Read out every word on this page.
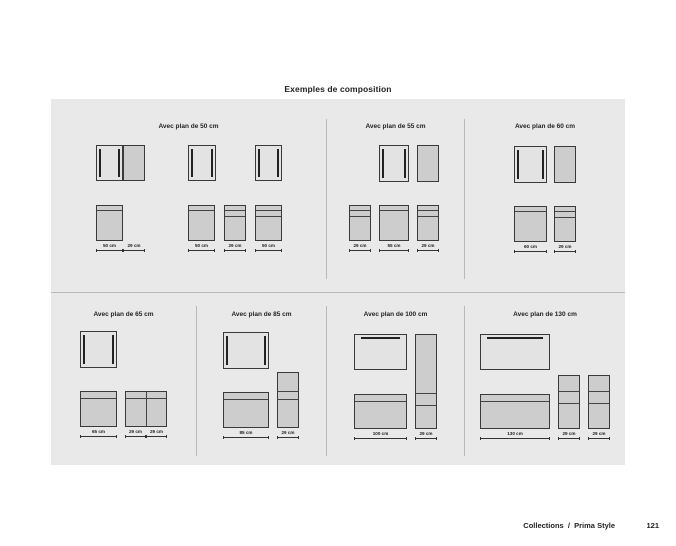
Exemples de composition
Avec plan de 50 cm
50 cm	29 cm	50 cm	29 cm	50 cm
Avec plan de 55 cm
29 cm	55 cm	29 cm
Avec plan de 60 cm
60 cm	29 cm
Avec plan de 65 cm
65 cm	29 cm	29 cm
Avec plan de 85 cm
85 cm	29 cm
Avec plan de 100 cm
100 cm	29 cm
Avec plan de 130 cm
130 cm	29 cm	29 cm
Collections  /  Prima Style	121
